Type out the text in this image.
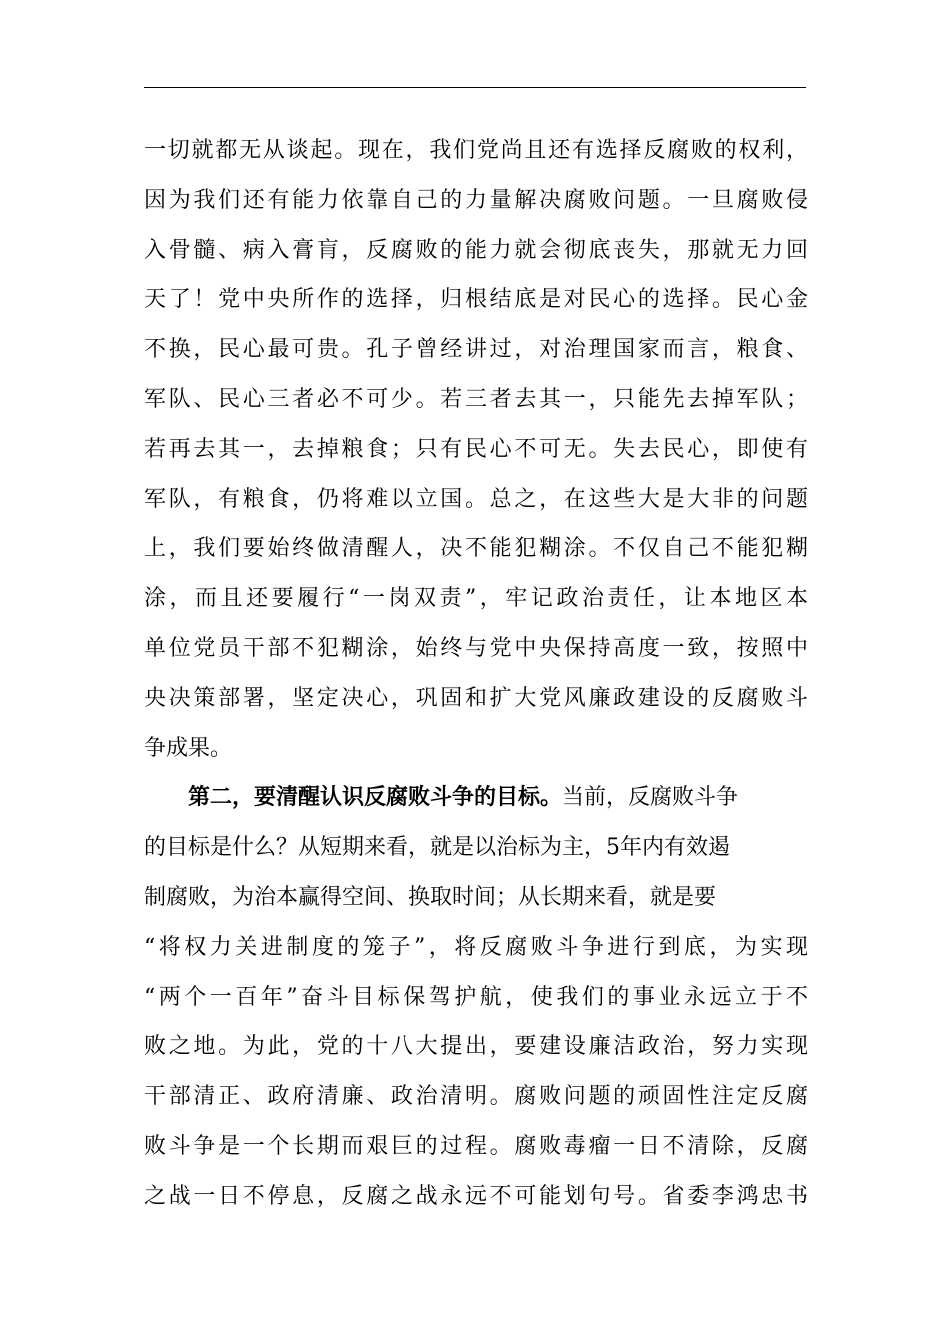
一切就都无从谈起。现在，我们党尚且还有选择反腐败的权利，
因为我们还有能力依靠自己的力量解决腐败问题。一旦腐败侵
入骨髓、病入膏肓，反腐败的能力就会彻底丧失，那就无力回
天了！党中央所作的选择，归根结底是对民心的选择。民心金
不换，民心最可贵。孔子曾经讲过，对治理国家而言，粮食、
军队、民心三者必不可少。若三者去其一，只能先去掉军队；
若再去其一，去掉粮食；只有民心不可无。失去民心，即使有
军队，有粮食，仍将难以立国。总之，在这些大是大非的问题
上，我们要始终做清醒人，决不能犯糊涂。不仅自己不能犯糊
涂，而且还要履行“一岗双责”，牢记政治责任，让本地区本
单位党员干部不犯糊涂，始终与党中央保持高度一致，按照中
央决策部署，坚定决心，巩固和扩大党风廉政建设的反腐败斗
争成果。
第二，要清醒认识反腐败斗争的目标。当前，反腐败斗争
的目标是什么？从短期来看，就是以治标为主，5年内有效遏
制腐败，为治本赢得空间、换取时间；从长期来看，就是要
“将权力关进制度的笼子”，将反腐败斗争进行到底，为实现
“两个一百年”奋斗目标保驾护航，使我们的事业永远立于不
败之地。为此，党的十八大提出，要建设廉洁政治，努力实现
干部清正、政府清廉、政治清明。腐败问题的顽固性注定反腐
败斗争是一个长期而艰巨的过程。腐败毒瘤一日不清除，反腐
之战一日不停息，反腐之战永远不可能划句号。省委李鸿忠书
